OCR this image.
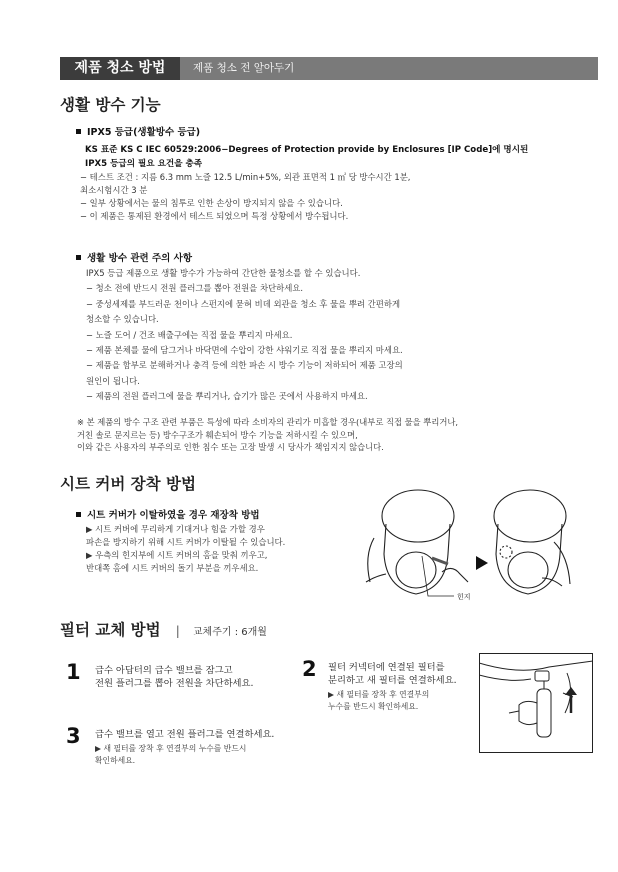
제품 청소 방법	제품 청소 전 알아두기
생활 방수 기능
IPX5 등급(생활방수 등급)
KS 표준 KS C IEC 60529:2006−Degrees of Protection provide by Enclosures [IP Code]에 명시된
IPX5 등급의 필요 요건을 충족
− 테스트 조건 : 지름 6.3 mm 노즐 12.5 L/min+5%, 외관 표면적 1 ㎡ 당 방수시간 1분,
최소시험시간 3 분
− 일부 상황에서는 물의 침투로 인한 손상이 방지되지 않을 수 있습니다.
− 이 제품은 통제된 환경에서 테스트 되었으며 특정 상황에서 방수됩니다.
생활 방수 관련 주의 사항
IPX5 등급 제품으로 생활 방수가 가능하여 간단한 물청소를 할 수 있습니다.
− 청소 전에 반드시 전원 플러그를 뽑아 전원을 차단하세요.
− 중성세제를 부드러운 천이나 스펀지에 묻혀 비데 외관을 청소 후 물을 뿌려 간편하게
청소할 수 있습니다.
− 노즐 도어 / 건조 배출구에는 직접 물을 뿌리지 마세요.
− 제품 본체를 물에 담그거나 바닥면에 수압이 강한 샤워기로 직접 물을 뿌리지 마세요.
− 제품을 함부로 분해하거나 충격 등에 의한 파손 시 방수 기능이 저하되어 제품 고장의
원인이 됩니다.
− 제품의 전원 플러그에 물을 뿌리거나, 습기가 많은 곳에서 사용하지 마세요.
※ 본 제품의 방수 구조 관련 부품은 특성에 따라 소비자의 관리가 미흡할 경우(내부로 직접 물을 뿌리거나,
거친 솔로 문지르는 등) 방수구조가 훼손되어 방수 기능을 저하시킬 수 있으며,
이와 같은 사용자의 부주의로 인한 침수 또는 고장 발생 시 당사가 책임지지 않습니다.
시트 커버 장착 방법
시트 커버가 이탈하였을 경우 재장착 방법
▶ 시트 커버에 무리하게 기대거나 힘을 가할 경우
파손을 방지하기 위해 시트 커버가 이탈될 수 있습니다.
▶ 우측의 힌지부에 시트 커버의 홈을 맞춰 끼우고,
반대쪽 홈에 시트 커버의 돌기 부분을 끼우세요.
힌지
필터 교체 방법 | 교체주기 : 6개월
1 급수 아답터의 급수 밸브를 잠그고
전원 플러그를 뽑아 전원을 차단하세요.
2 필터 커넥터에 연결된 필터를
분리하고 새 필터를 연결하세요.
▶ 새 필터를 장착 후 연결부의
누수를 반드시 확인하세요.
3 급수 밸브를 열고 전원 플러그를 연결하세요.
▶ 새 필터를 장착 후 연결부의 누수를 반드시
확인하세요.
